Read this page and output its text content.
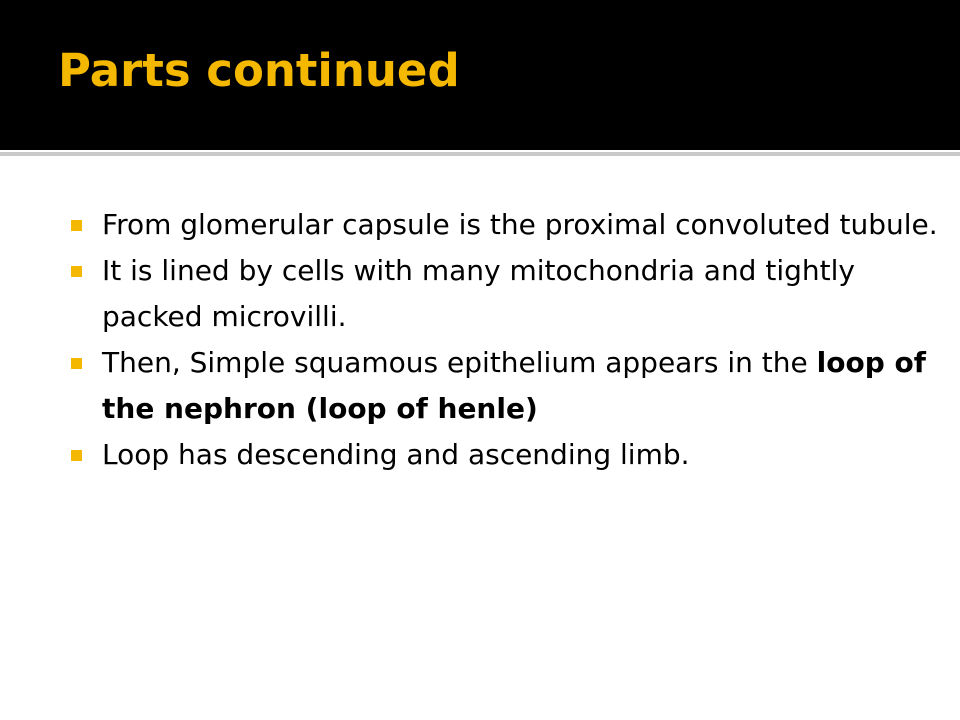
Parts continued
From glomerular capsule is the proximal convoluted tubule.
It is lined by cells with many mitochondria and tightly packed microvilli.
Then, Simple squamous epithelium appears in the loop of the nephron (loop of henle)
Loop has descending and ascending limb.
